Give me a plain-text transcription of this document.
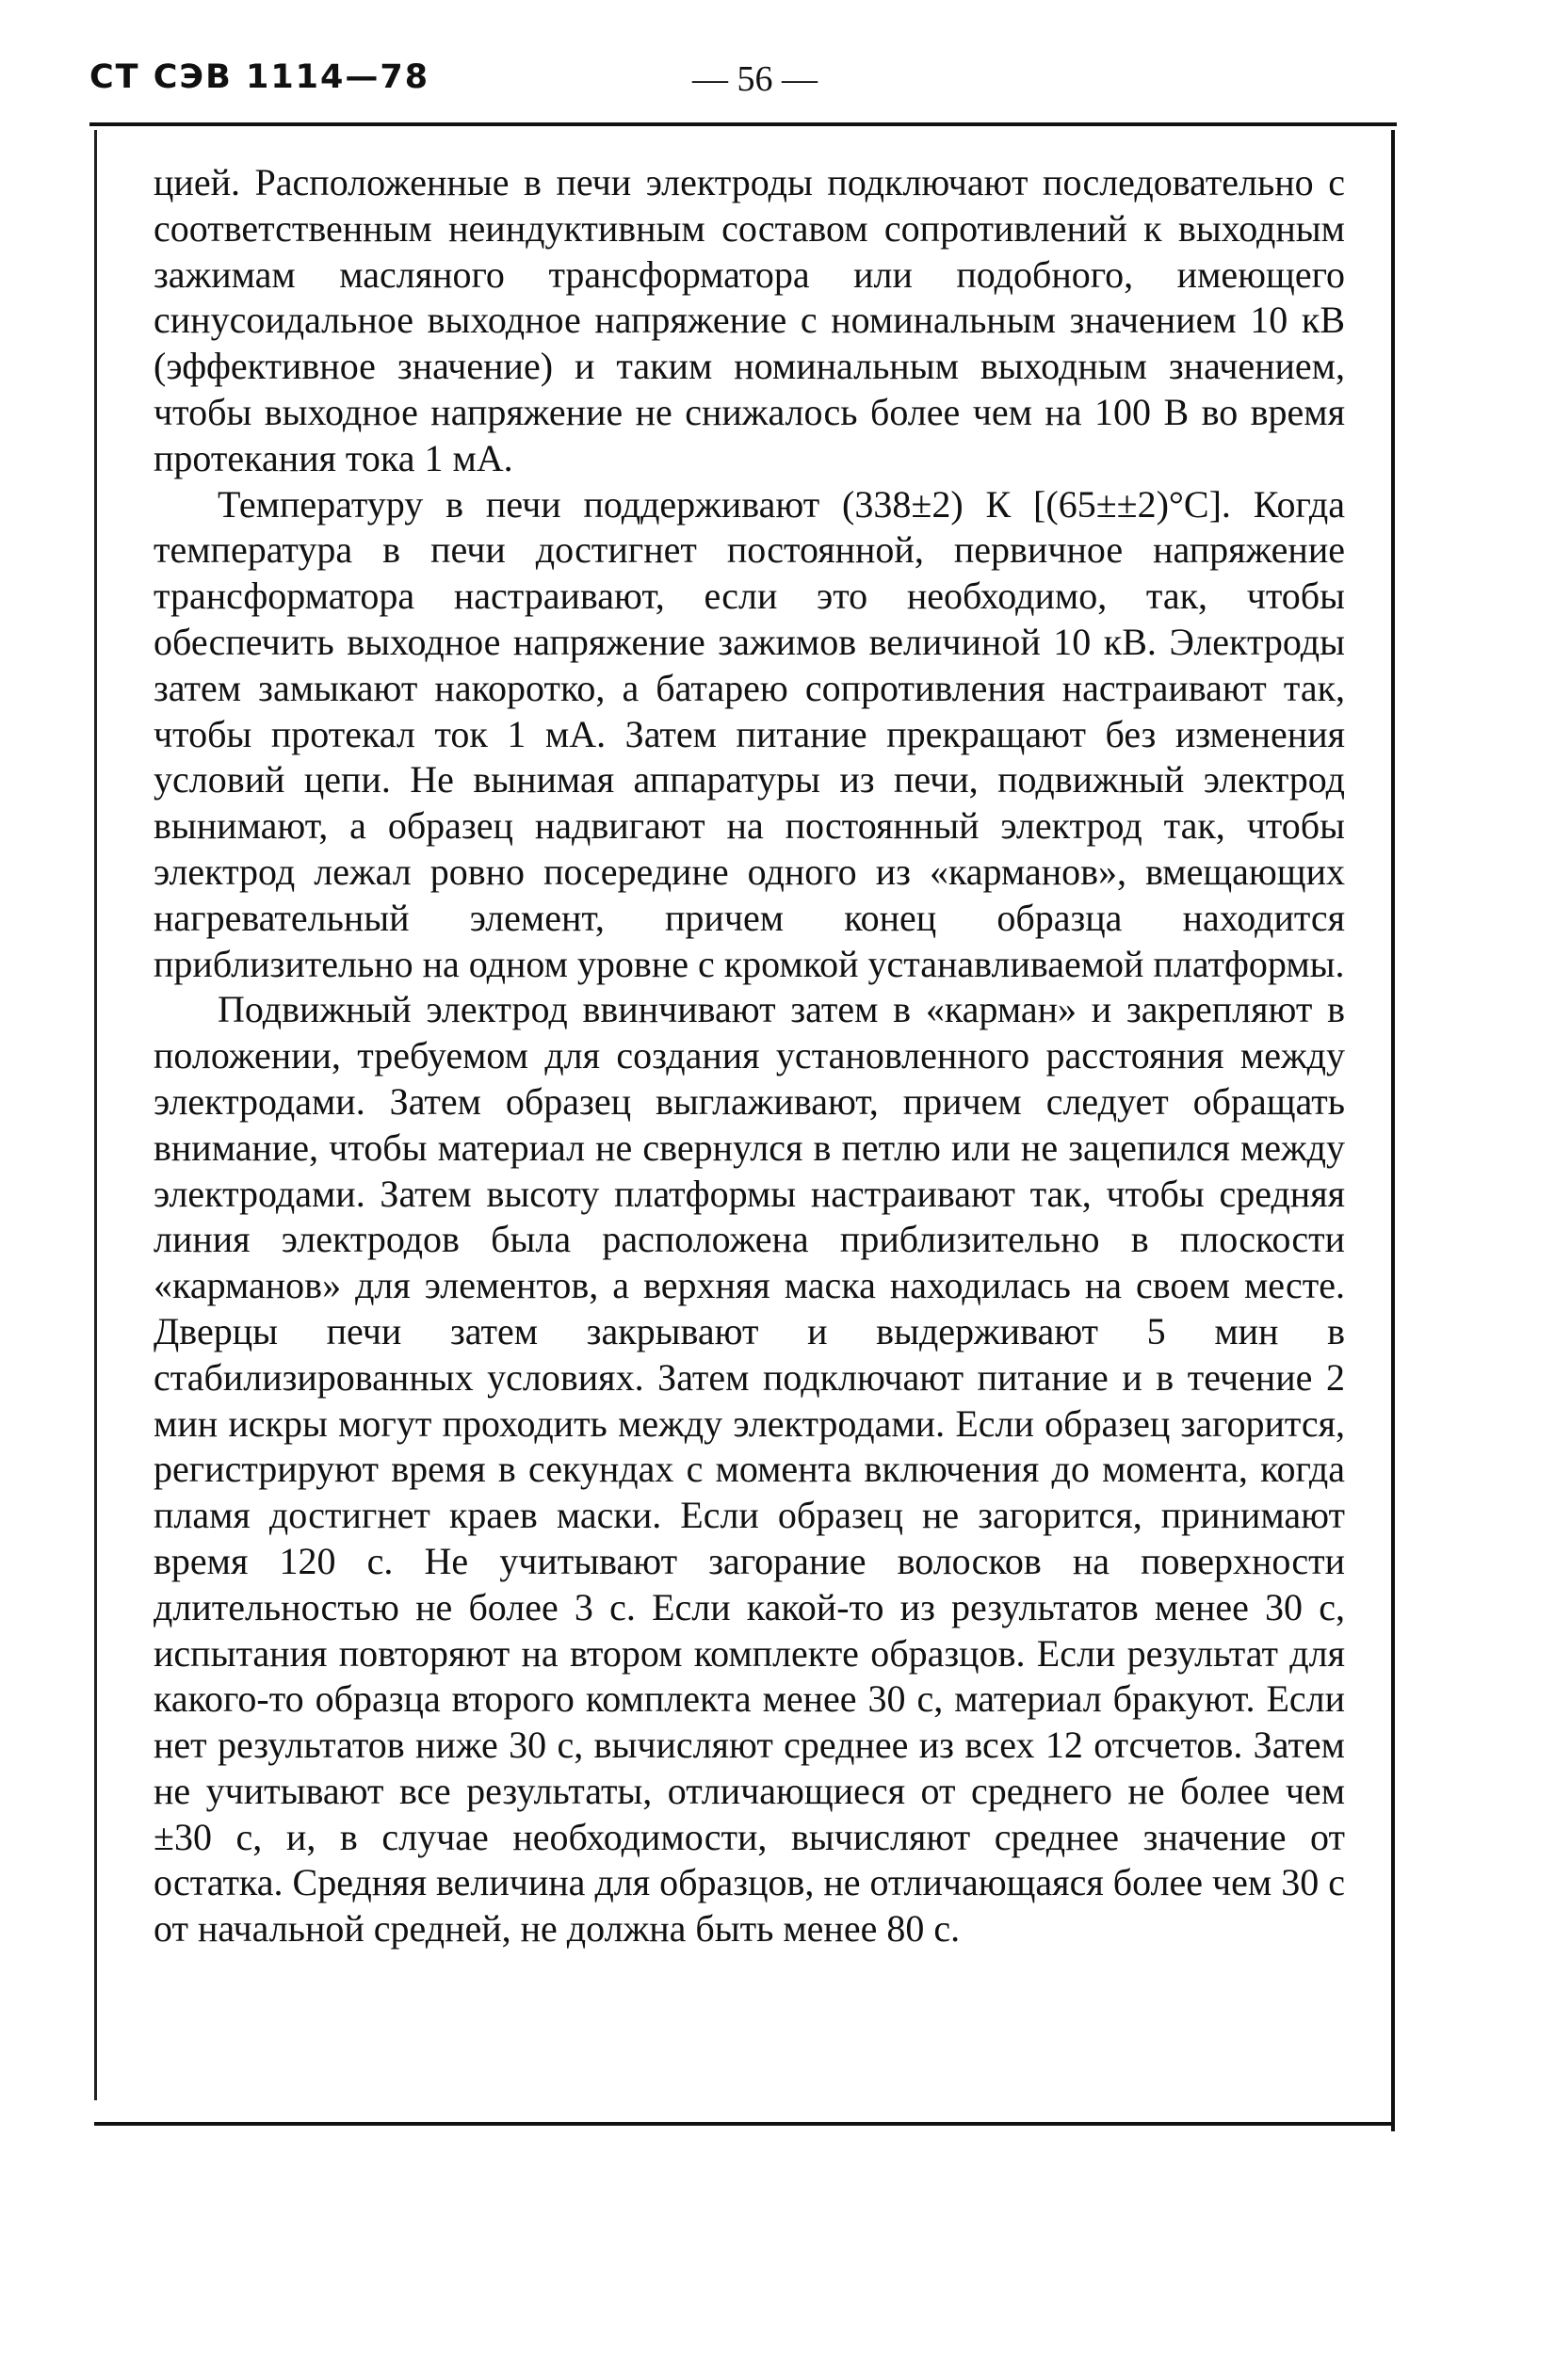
СТ СЭВ 1114—78	— 56 —

цией. Расположенные в печи электроды подключают последовательно с соответственным неиндуктивным составом сопротивлений к выходным зажимам масляного трансформатора или подобного, имеющего синусоидальное выходное напряжение с номинальным значением 10 кВ (эффективное значение) и таким номинальным выходным значением, чтобы выходное напряжение не снижалось более чем на 100 В во время протекания тока 1 мА.

Температуру в печи поддерживают (338±2) К [(65±±2)°С]. Когда температура в печи достигнет постоянной, первичное напряжение трансформатора настраивают, если это необходимо, так, чтобы обеспечить выходное напряжение зажимов величиной 10 кВ. Электроды затем замыкают накоротко, а батарею сопротивления настраивают так, чтобы протекал ток 1 мА. Затем питание прекращают без изменения условий цепи. Не вынимая аппаратуры из печи, подвижный электрод вынимают, а образец надвигают на постоянный электрод так, чтобы электрод лежал ровно посередине одного из «карманов», вмещающих нагревательный элемент, причем конец образца находится приблизительно на одном уровне с кромкой устанавливаемой платформы.

Подвижный электрод ввинчивают затем в «карман» и закрепляют в положении, требуемом для создания установленного расстояния между электродами. Затем образец выглаживают, причем следует обращать внимание, чтобы материал не свернулся в петлю или не зацепился между электродами. Затем высоту платформы настраивают так, чтобы средняя линия электродов была расположена приблизительно в плоскости «карманов» для элементов, а верхняя маска находилась на своем месте. Дверцы печи затем закрывают и выдерживают 5 мин в стабилизированных условиях. Затем подключают питание и в течение 2 мин искры могут проходить между электродами. Если образец загорится, регистрируют время в секундах с момента включения до момента, когда пламя достигнет краев маски. Если образец не загорится, принимают время 120 с. Не учитывают загорание волосков на поверхности длительностью не более 3 с. Если какой-то из результатов менее 30 с, испытания повторяют на втором комплекте образцов. Если результат для какого-то образца второго комплекта менее 30 с, материал бракуют. Если нет результатов ниже 30 с, вычисляют среднее из всех 12 отсчетов. Затем не учитывают все результаты, отличающиеся от среднего не более чем ±30 с, и, в случае необходимости, вычисляют среднее значение от остатка. Средняя величина для образцов, не отличающаяся более чем 30 с от начальной средней, не должна быть менее 80 с.
